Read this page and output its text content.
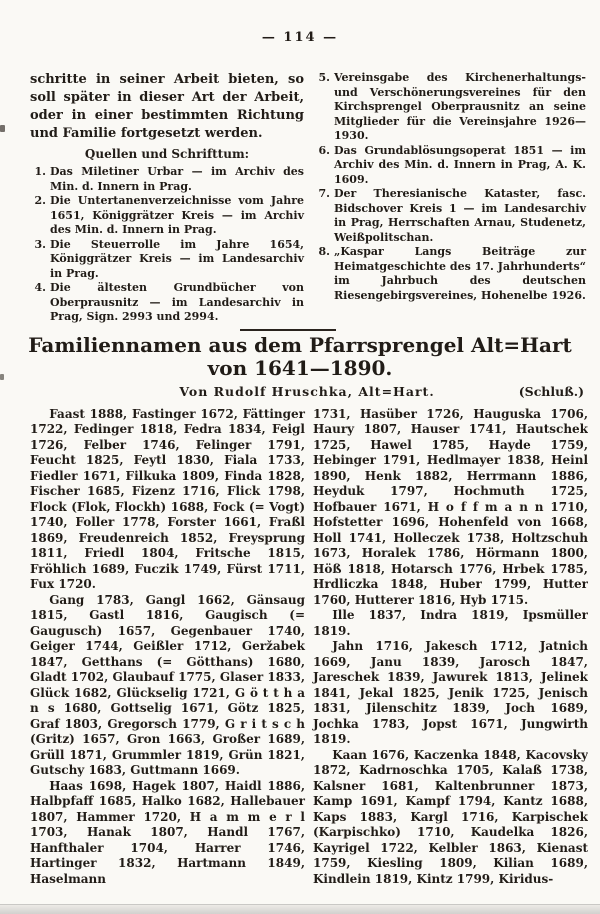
— 114 —

schritte in seiner Arbeit bieten, so soll später in dieser Art der Arbeit, oder in einer bestimmten Richtung und Familie fortgesetzt werden.

Quellen und Schrifttum:
1. Das Miletiner Urbar — im Archiv des Min. d. Innern in Prag.
2. Die Untertanenverzeichnisse vom Jahre 1651, Königgrätzer Kreis — im Archiv des Min. d. Innern in Prag.
3. Die Steuerrolle im Jahre 1654, Königgrätzer Kreis — im Landesarchiv in Prag.
4. Die ältesten Grundbücher von Oberprausnitz — im Landesarchiv in Prag, Sign. 2993 und 2994.
5. Vereinsgabe des Kirchenerhaltungs- und Verschönerungsvereines für den Kirchsprengel Oberprausnitz an seine Mitglieder für die Vereinsjahre 1926—1930.
6. Das Grundablösungsoperat 1851 — im Archiv des Min. d. Innern in Prag, A. K. 1609.
7. Der Theresianische Kataster, fasc. Bidschover Kreis 1 — im Landesarchiv in Prag, Herrschaften Arnau, Studenetz, Weißpolitschan.
8. „Kaspar Langs Beiträge zur Heimatgeschichte des 17. Jahrhunderts“ im Jahrbuch des deutschen Riesengebirgsvereines, Hohenelbe 1926.
Familiennamen aus dem Pfarrsprengel Alt=Hart
von 1641—1890.
Von Rudolf Hruschka, Alt=Hart.	(Schluß.)

Faast 1888, Fastinger 1672, Fättinger 1722, Fedinger 1818, Fedra 1834, Feigl 1726, Felber 1746, Felinger 1791, Feucht 1825, Feytl 1830, Fiala 1733, Fiedler 1671, Filkuka 1809, Finda 1828, Fischer 1685, Fizenz 1716, Flick 1798, Flock (Flok, Flockh) 1688, Fock (= Vogt) 1740, Foller 1778, Forster 1661, Fraßl 1869, Freudenreich 1852, Freysprung 1811, Friedl 1804, Fritsche 1815, Fröhlich 1689, Fuczik 1749, Fürst 1711, Fux 1720.

Gang 1783, Gangl 1662, Gänsaug 1815, Gastl 1816, Gaugisch (= Gaugusch) 1657, Gegenbauer 1740, Geiger 1744, Geißler 1712, Geržabek 1847, Getthans (= Götthans) 1680, Gladt 1702, Glaubauf 1775, Glaser 1833, Glück 1682, Glückselig 1721, G ö t t h a n s 1680, Gottselig 1671, Götz 1825, Graf 1803, Gregorsch 1779, G r i t s c h (Gritz) 1657, Gron 1663, Großer 1689, Grüll 1871, Grummler 1819, Grün 1821, Gutschy 1683, Guttmann 1669.

Haas 1698, Hagek 1807, Haidl 1886, Halbpfaff 1685, Halko 1682, Hallebauer 1807, Hammer 1720, H a m m e r l 1703, Hanak 1807, Handl 1767, Hanfthaler 1704, Harrer 1746, Hartinger 1832, Hartmann 1849, Haselmann

1731, Hasüber 1726, Hauguska 1706, Haury 1807, Hauser 1741, Hautschek 1725, Hawel 1785, Hayde 1759, Hebinger 1791, Hedlmayer 1838, Heinl 1890, Henk 1882, Herrmann 1886, Heyduk 1797, Hochmuth 1725, Hofbauer 1671, H o f f m a n n 1710, Hofstetter 1696, Hohenfeld von 1668, Holl 1741, Holleczek 1738, Holtzschuh 1673, Horalek 1786, Hörmann 1800, Höß 1818, Hotarsch 1776, Hrbek 1785, Hrdliczka 1848, Huber 1799, Hutter 1760, Hutterer 1816, Hyb 1715.

Ille 1837, Indra 1819, Ipsmüller 1819.

Jahn 1716, Jakesch 1712, Jatnich 1669, Janu 1839, Jarosch 1847, Jareschek 1839, Jawurek 1813, Jelinek 1841, Jekal 1825, Jenik 1725, Jenisch 1831, Jilenschitz 1839, Joch 1689, Jochka 1783, Jopst 1671, Jungwirth 1819.

Kaan 1676, Kaczenka 1848, Kacovsky 1872, Kadrnoschka 1705, Kalaß 1738, Kalsner 1681, Kaltenbrunner 1873, Kamp 1691, Kampf 1794, Kantz 1688, Kaps 1883, Kargl 1716, Karpischek (Karpischko) 1710, Kaudelka 1826, Kayrigel 1722, Kelbler 1863, Kienast 1759, Kiesling 1809, Kilian 1689, Kindlein 1819, Kintz 1799, Kiridus-
